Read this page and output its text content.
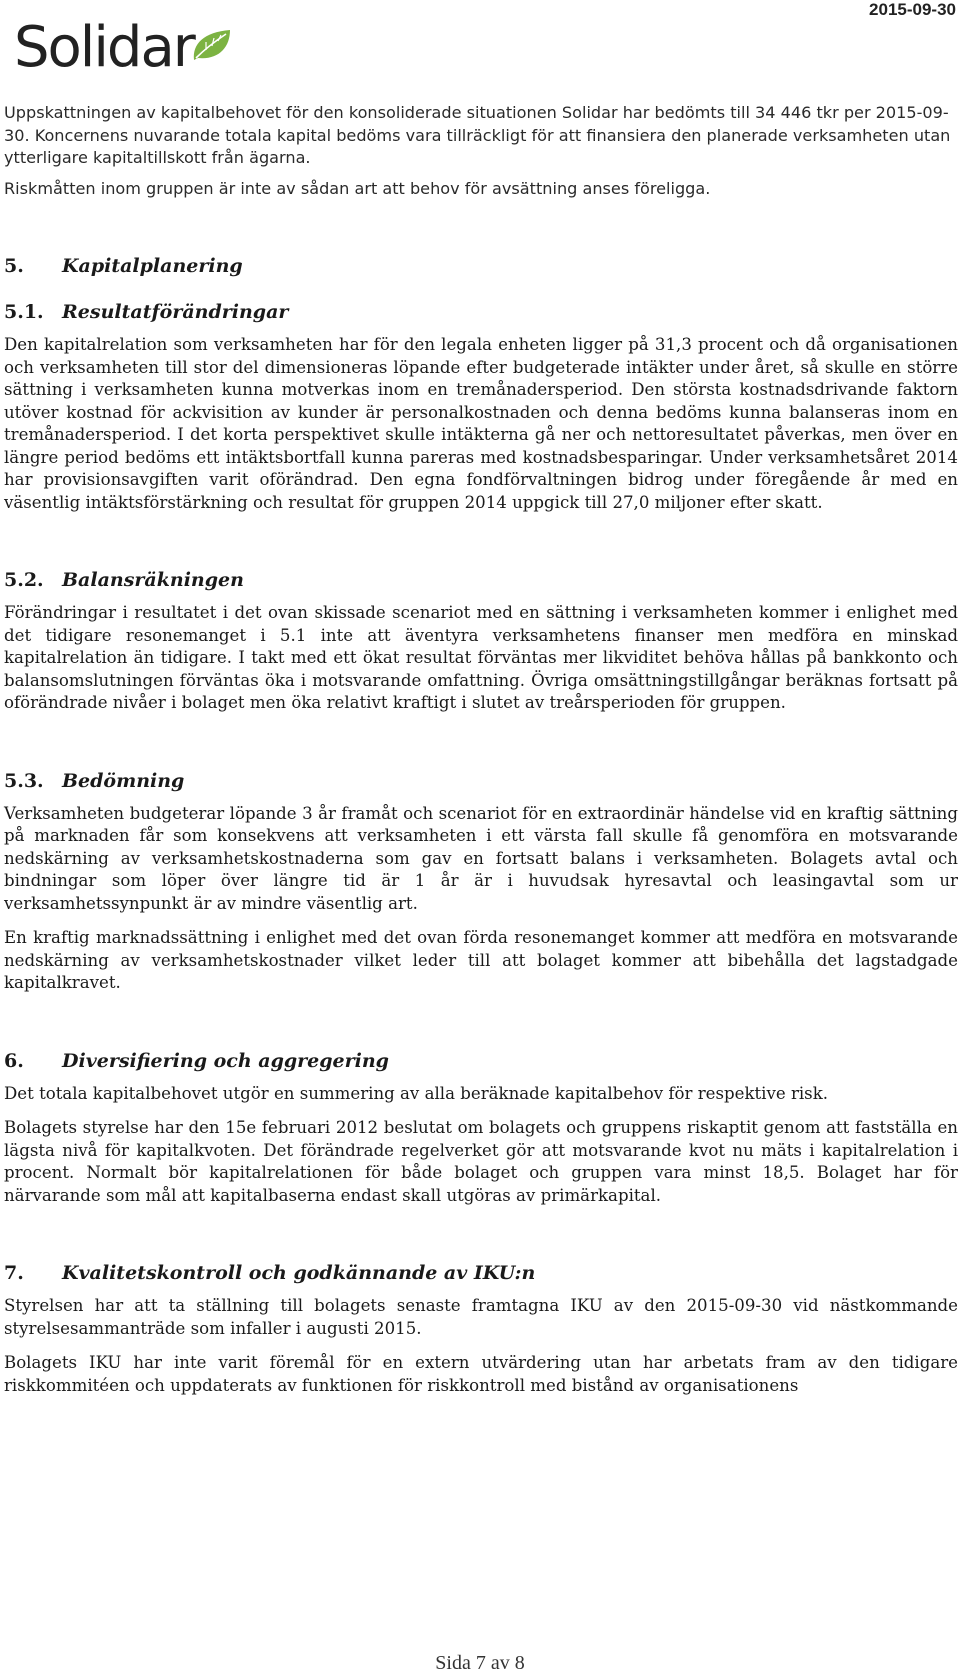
2015-09-30
Solidar

Uppskattningen av kapitalbehovet för den konsoliderade situationen Solidar har bedömts till 34 446 tkr per 2015-09-30. Koncernens nuvarande totala kapital bedöms vara tillräckligt för att finansiera den planerade verksamheten utan ytterligare kapitaltillskott från ägarna.

Riskmåtten inom gruppen är inte av sådan art att behov för avsättning anses föreligga.

5. Kapitalplanering
5.1. Resultatförändringar

Den kapitalrelation som verksamheten har för den legala enheten ligger på 31,3 procent och då organisationen och verksamheten till stor del dimensioneras löpande efter budgeterade intäkter under året, så skulle en större sättning i verksamheten kunna motverkas inom en tremånadersperiod. Den största kostnadsdrivande faktorn utöver kostnad för ackvisition av kunder är personalkostnaden och denna bedöms kunna balanseras inom en tremånadersperiod. I det korta perspektivet skulle intäkterna gå ner och nettoresultatet påverkas, men över en längre period bedöms ett intäktsbortfall kunna pareras med kostnadsbesparingar. Under verksamhetsåret 2014 har provisionsavgiften varit oförändrad. Den egna fondförvaltningen bidrog under föregående år med en väsentlig intäktsförstärkning och resultat för gruppen 2014 uppgick till 27,0 miljoner efter skatt.

5.2. Balansräkningen

Förändringar i resultatet i det ovan skissade scenariot med en sättning i verksamheten kommer i enlighet med det tidigare resonemanget i 5.1 inte att äventyra verksamhetens finanser men medföra en minskad kapitalrelation än tidigare. I takt med ett ökat resultat förväntas mer likviditet behöva hållas på bankkonto och balansomslutningen förväntas öka i motsvarande omfattning. Övriga omsättningstillgångar beräknas fortsatt på oförändrade nivåer i bolaget men öka relativt kraftigt i slutet av treårsperioden för gruppen.

5.3. Bedömning

Verksamheten budgeterar löpande 3 år framåt och scenariot för en extraordinär händelse vid en kraftig sättning på marknaden får som konsekvens att verksamheten i ett värsta fall skulle få genomföra en motsvarande nedskärning av verksamhetskostnaderna som gav en fortsatt balans i verksamheten. Bolagets avtal och bindningar som löper över längre tid är 1 år är i huvudsak hyresavtal och leasingavtal som ur verksamhetssynpunkt är av mindre väsentlig art.

En kraftig marknadssättning i enlighet med det ovan förda resonemanget kommer att medföra en motsvarande nedskärning av verksamhetskostnader vilket leder till att bolaget kommer att bibehålla det lagstadgade kapitalkravet.

6. Diversifiering och aggregering

Det totala kapitalbehovet utgör en summering av alla beräknade kapitalbehov för respektive risk.

Bolagets styrelse har den 15e februari 2012 beslutat om bolagets och gruppens riskaptit genom att fastställa en lägsta nivå för kapitalkvoten. Det förändrade regelverket gör att motsvarande kvot nu mäts i kapitalrelation i procent. Normalt bör kapitalrelationen för både bolaget och gruppen vara minst 18,5. Bolaget har för närvarande som mål att kapitalbaserna endast skall utgöras av primärkapital.

7. Kvalitetskontroll och godkännande av IKU:n

Styrelsen har att ta ställning till bolagets senaste framtagna IKU av den 2015-09-30 vid nästkommande styrelsesammanträde som infaller i augusti 2015.

Bolagets IKU har inte varit föremål för en extern utvärdering utan har arbetats fram av den tidigare riskkommitéen och uppdaterats av funktionen för riskkontroll med bistånd av organisationens

Sida 7 av 8
